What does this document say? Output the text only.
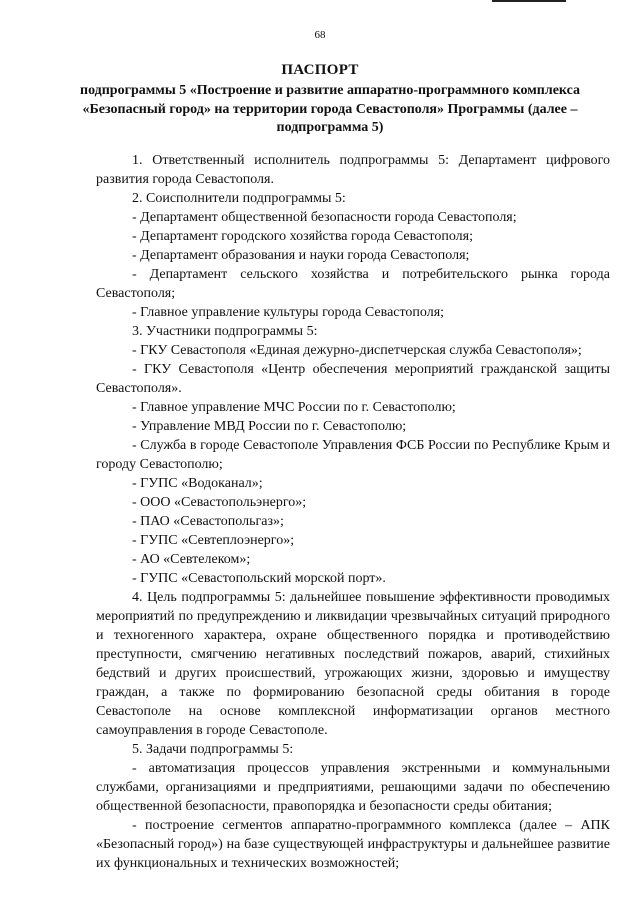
68
ПАСПОРТ
подпрограммы 5 «Построение и развитие аппаратно-программного комплекса «Безопасный город» на территории города Севастополя» Программы (далее – подпрограмма 5)

1. Ответственный исполнитель подпрограммы 5: Департамент цифрового развития города Севастополя.

2. Соисполнители подпрограммы 5:

- Департамент общественной безопасности города Севастополя;

- Департамент городского хозяйства города Севастополя;

- Департамент образования и науки города Севастополя;

- Департамент сельского хозяйства и потребительского рынка города Севастополя;

- Главное управление культуры города Севастополя;

3. Участники подпрограммы 5:

- ГКУ Севастополя «Единая дежурно-диспетчерская служба Севастополя»;

- ГКУ Севастополя «Центр обеспечения мероприятий гражданской защиты Севастополя».

- Главное управление МЧС России по г. Севастополю;

- Управление МВД России по г. Севастополю;

- Служба в городе Севастополе Управления ФСБ России по Республике Крым и городу Севастополю;

- ГУПС «Водоканал»;

- ООО «Севастопольэнерго»;

- ПАО «Севастопольгаз»;

- ГУПС «Севтеплоэнерго»;

- АО «Севтелеком»;

- ГУПС «Севастопольский морской порт».

4. Цель подпрограммы 5: дальнейшее повышение эффективности проводимых мероприятий по предупреждению и ликвидации чрезвычайных ситуаций природного и техногенного характера, охране общественного порядка и противодействию преступности, смягчению негативных последствий пожаров, аварий, стихийных бедствий и других происшествий, угрожающих жизни, здоровью и имуществу граждан, а также по формированию безопасной среды обитания в городе Севастополе на основе комплексной информатизации органов местного самоуправления в городе Севастополе.

5. Задачи подпрограммы 5:

- автоматизация процессов управления экстренными и коммунальными службами, организациями и предприятиями, решающими задачи по обеспечению общественной безопасности, правопорядка и безопасности среды обитания;

- построение сегментов аппаратно-программного комплекса (далее – АПК «Безопасный город») на базе существующей инфраструктуры и дальнейшее развитие их функциональных и технических возможностей;
